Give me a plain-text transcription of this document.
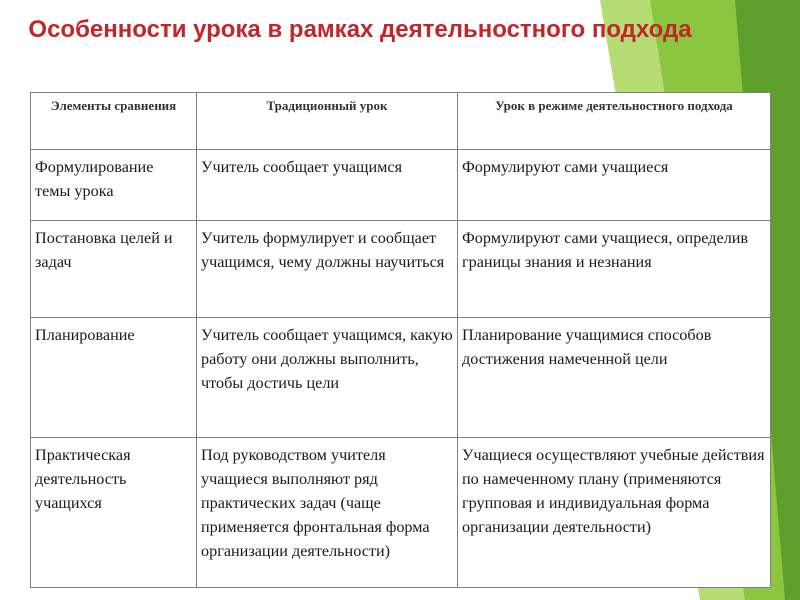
Особенности урока в рамках деятельностного подхода
Элементы сравнения	Традиционный урок	Урок в режиме деятельностного подхода
Формулирование темы урока	Учитель сообщает учащимся	Формулируют сами учащиеся
Постановка целей и задач	Учитель формулирует и сообщает учащимся, чему должны научиться	Формулируют сами учащиеся, определив границы знания и незнания
Планирование	Учитель сообщает учащимся, какую работу они должны выполнить, чтобы достичь цели	Планирование учащимися способов достижения намеченной цели
Практическая деятельность учащихся	Под руководством учителя учащиеся выполняют ряд практических задач (чаще применяется фронтальная форма организации деятельности)	Учащиеся осуществляют учебные действия по намеченному плану (применяются групповая и индивидуальная форма организации деятельности)
